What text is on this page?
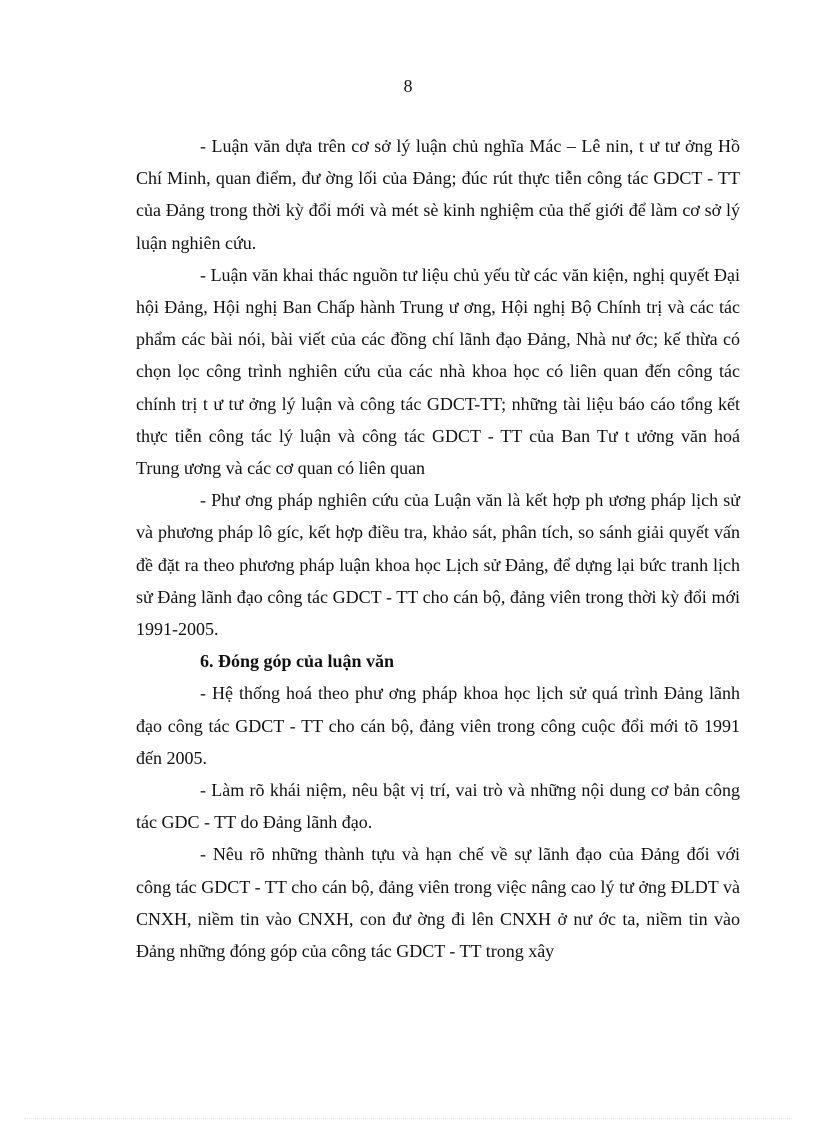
8

- Luận văn dựa trên cơ sở lý luận chủ nghĩa Mác – Lê nin, t ư tư ởng Hồ Chí Minh, quan điểm, đư ờng lối của Đảng; đúc rút thực tiễn công tác GDCT - TT của Đảng trong thời kỳ đổi mới và mét sè kinh nghiệm của thế giới để làm cơ sở lý luận nghiên cứu.

- Luận văn khai thác nguồn tư liệu chủ yếu từ các văn kiện, nghị quyết Đại hội Đảng, Hội nghị Ban Chấp hành Trung ư ơng, Hội nghị Bộ Chính trị và các tác phẩm các bài nói, bài viết của các đồng chí lãnh đạo Đảng, Nhà nư ớc; kế thừa có chọn lọc công trình nghiên cứu của các nhà khoa học có liên quan đến công tác chính trị t ư tư ởng lý luận và công tác GDCT-TT; những tài liệu báo cáo tổng kết thực tiễn công tác lý luận và công tác GDCT - TT của Ban Tư t ưởng văn hoá Trung ương và các cơ quan có liên quan

- Phư ơng pháp nghiên cứu của Luận văn là kết hợp ph ương pháp lịch sử và phương pháp lô gíc, kết hợp điều tra, khảo sát, phân tích, so sánh giải quyết vấn đề đặt ra theo phương pháp luận khoa học Lịch sử Đảng, để dựng lại bức tranh lịch sử Đảng lãnh đạo công tác GDCT - TT cho cán bộ, đảng viên trong thời kỳ đổi mới 1991-2005.

6. Đóng góp của luận văn

- Hệ thống hoá theo phư ơng pháp khoa học lịch sử quá trình Đảng lãnh đạo công tác GDCT - TT cho cán bộ, đảng viên trong công cuộc đổi mới tõ 1991 đến 2005.

- Làm rõ khái niệm, nêu bật vị trí, vai trò và những nội dung cơ bản công tác GDC - TT do Đảng lãnh đạo.

- Nêu rõ những thành tựu và hạn chế về sự lãnh đạo của Đảng đối với công tác GDCT - TT cho cán bộ, đảng viên trong việc nâng cao lý tư ởng ĐLDT và CNXH, niềm tin vào CNXH, con đư ờng đi lên CNXH ở nư ớc ta, niềm tin vào Đảng những đóng góp của công tác GDCT - TT trong xây
